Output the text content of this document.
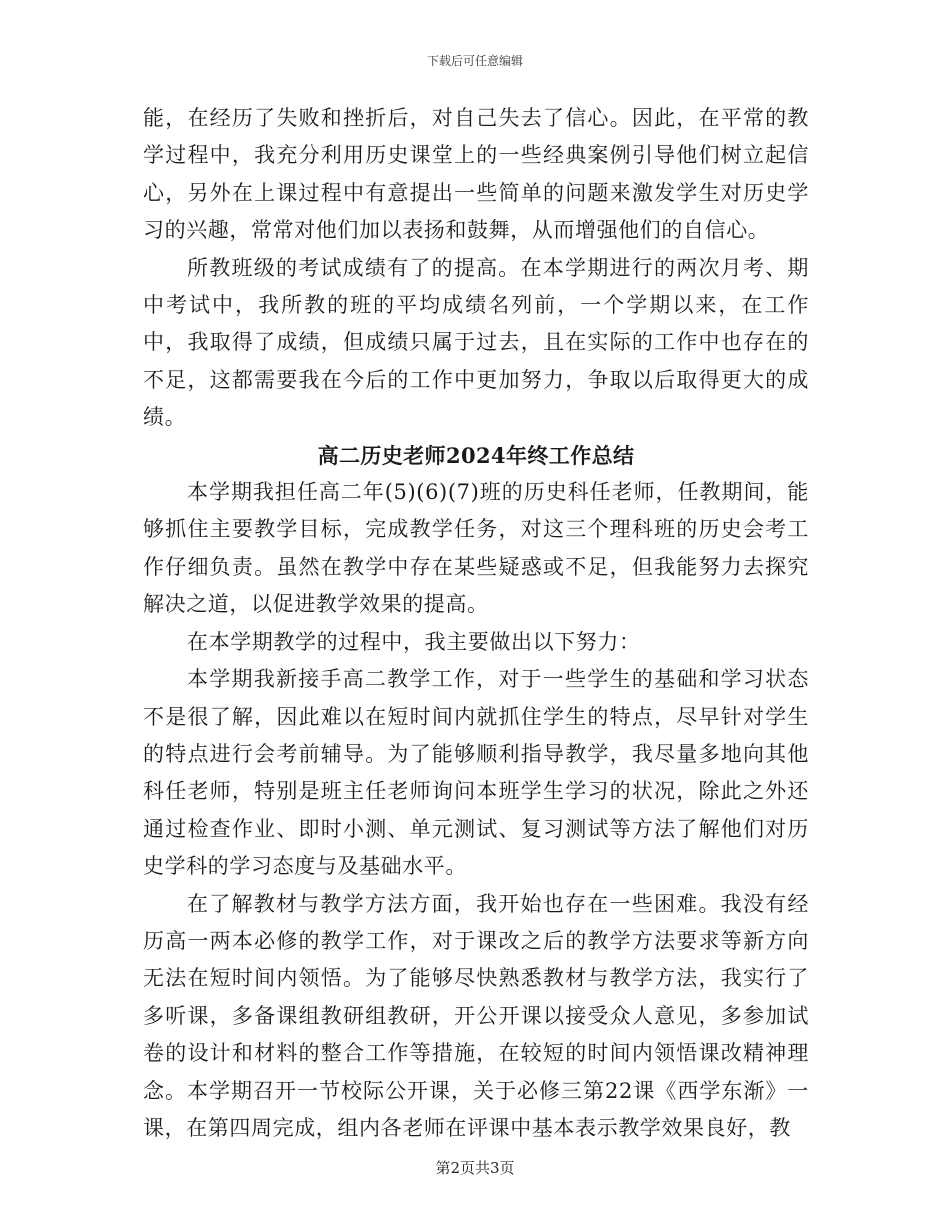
下载后可任意编辑

能，在经历了失败和挫折后，对自己失去了信心。因此，在平常的教学过程中，我充分利用历史课堂上的一些经典案例引导他们树立起信心，另外在上课过程中有意提出一些简单的问题来激发学生对历史学习的兴趣，常常对他们加以表扬和鼓舞，从而增强他们的自信心。

所教班级的考试成绩有了的提高。在本学期进行的两次月考、期中考试中，我所教的班的平均成绩名列前，一个学期以来，在工作中，我取得了成绩，但成绩只属于过去，且在实际的工作中也存在的不足，这都需要我在今后的工作中更加努力，争取以后取得更大的成绩。

高二历史老师2024年终工作总结

本学期我担任高二年(5)(6)(7)班的历史科任老师，任教期间，能够抓住主要教学目标，完成教学任务，对这三个理科班的历史会考工作仔细负责。虽然在教学中存在某些疑惑或不足，但我能努力去探究解决之道，以促进教学效果的提高。

在本学期教学的过程中，我主要做出以下努力：

本学期我新接手高二教学工作，对于一些学生的基础和学习状态不是很了解，因此难以在短时间内就抓住学生的特点，尽早针对学生的特点进行会考前辅导。为了能够顺利指导教学，我尽量多地向其他科任老师，特别是班主任老师询问本班学生学习的状况，除此之外还通过检查作业、即时小测、单元测试、复习测试等方法了解他们对历史学科的学习态度与及基础水平。

在了解教材与教学方法方面，我开始也存在一些困难。我没有经历高一两本必修的教学工作，对于课改之后的教学方法要求等新方向无法在短时间内领悟。为了能够尽快熟悉教材与教学方法，我实行了多听课，多备课组教研组教研，开公开课以接受众人意见，多参加试卷的设计和材料的整合工作等措施，在较短的时间内领悟课改精神理念。本学期召开一节校际公开课，关于必修三第22课《西学东渐》一课，在第四周完成，组内各老师在评课中基本表示教学效果良好，教

第2页共3页
